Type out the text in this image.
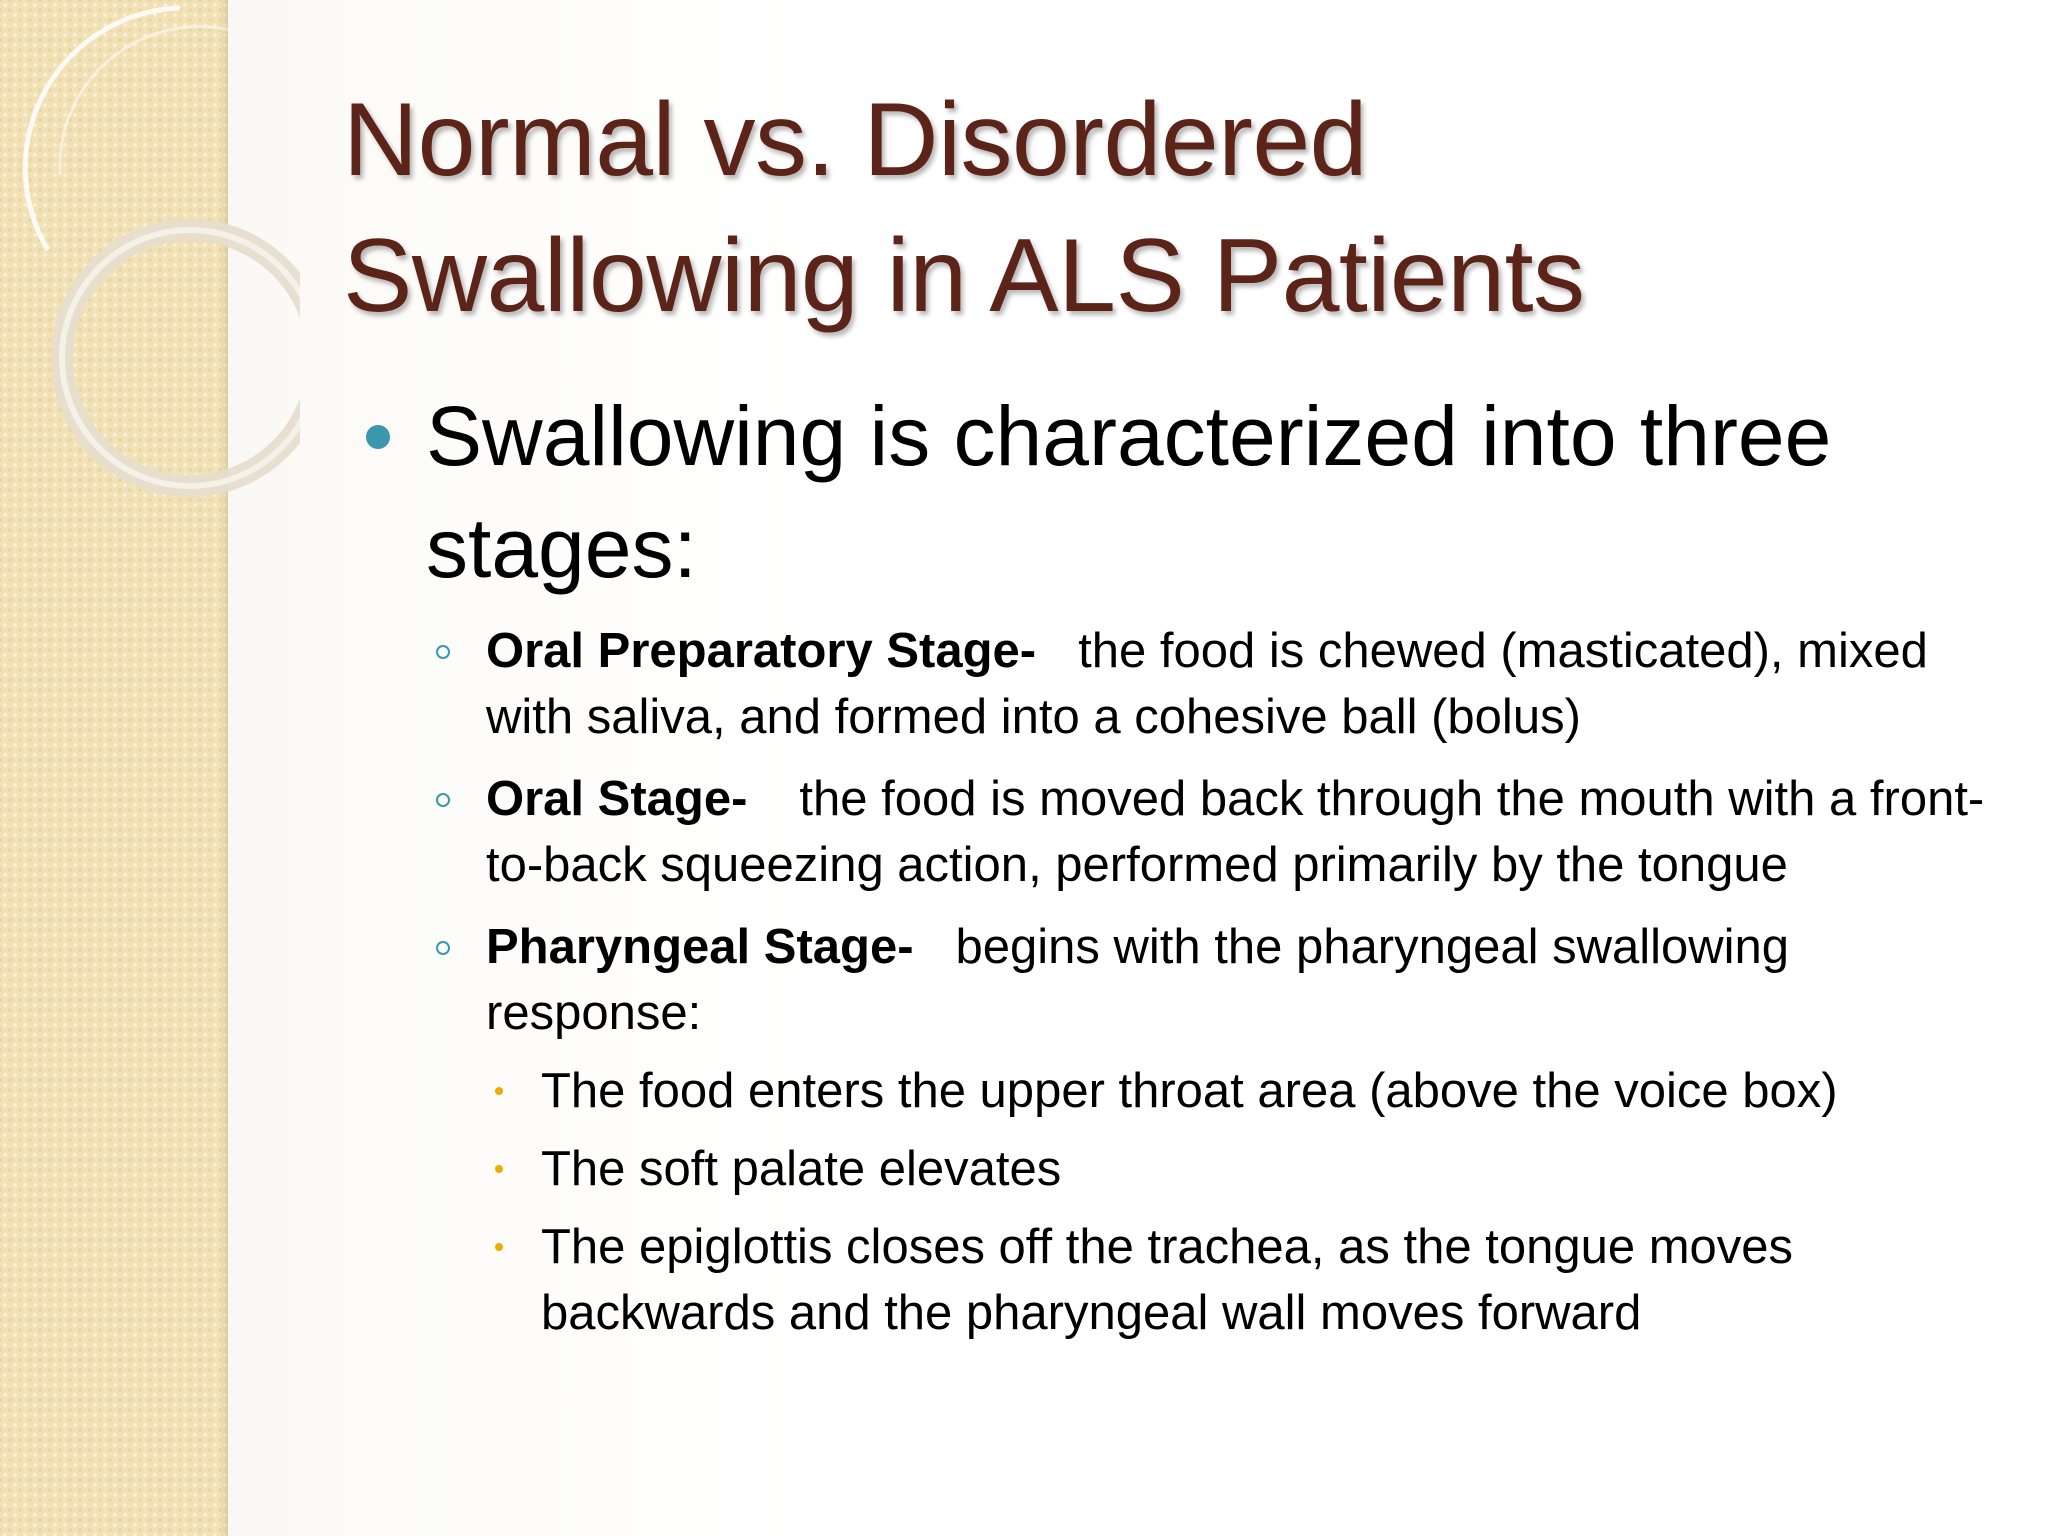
Normal vs. Disordered
Swallowing in ALS Patients
Swallowing is characterized into three stages:
Oral Preparatory Stage- the food is chewed (masticated), mixed with saliva, and formed into a cohesive ball (bolus)
Oral Stage- the food is moved back through the mouth with a front-to-back squeezing action, performed primarily by the tongue
Pharyngeal Stage- begins with the pharyngeal swallowing response:
The food enters the upper throat area (above the voice box)
The soft palate elevates
The epiglottis closes off the trachea, as the tongue moves backwards and the pharyngeal wall moves forward
